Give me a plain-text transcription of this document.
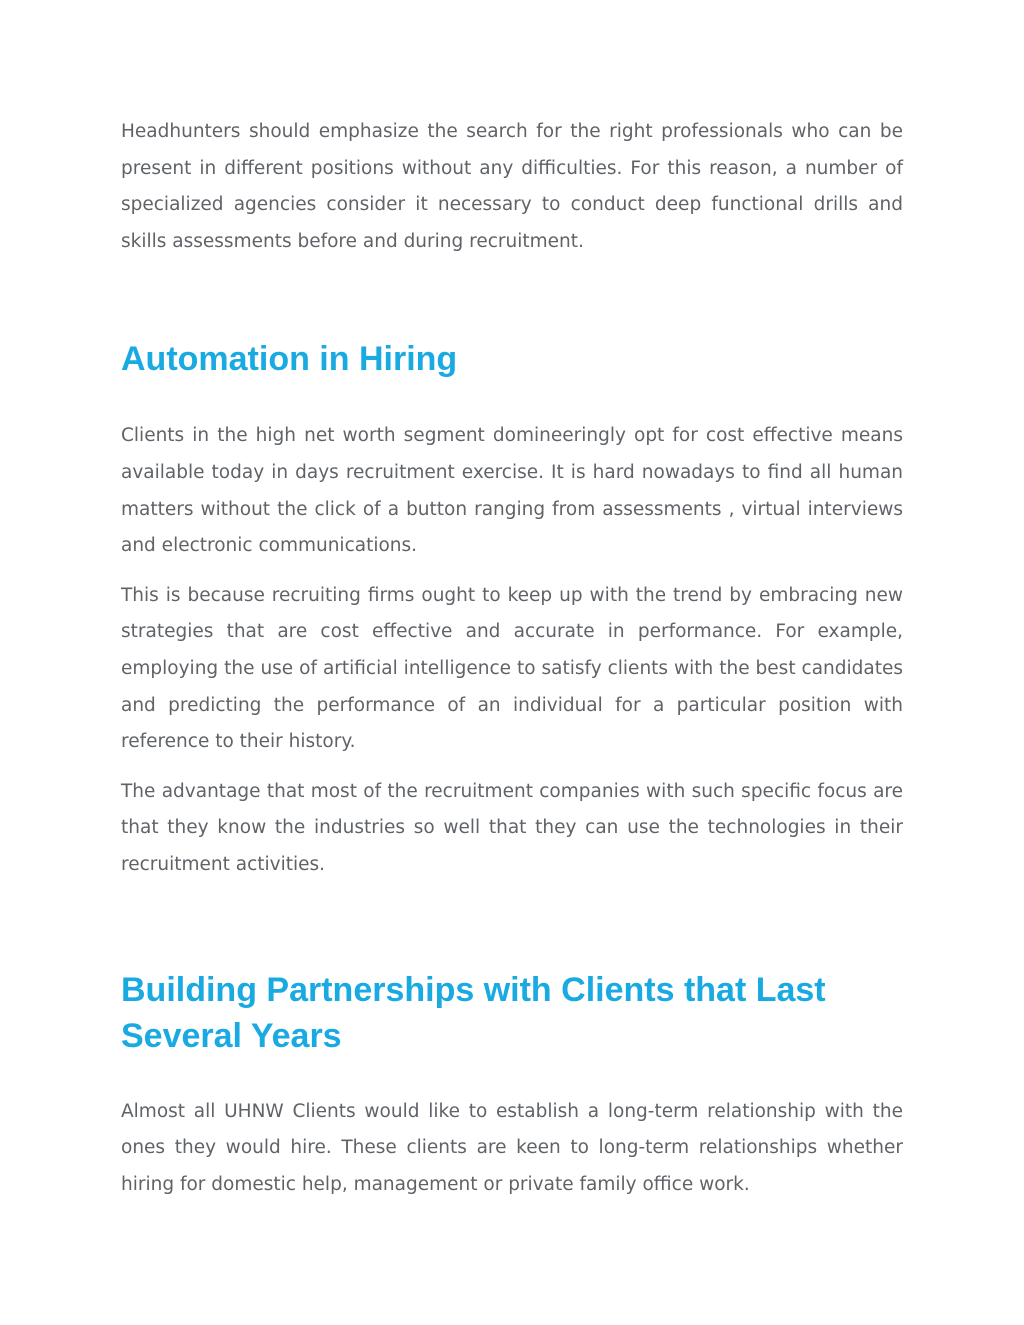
Headhunters should emphasize the search for the right professionals who can be present in different positions without any difficulties. For this reason, a number of specialized agencies consider it necessary to conduct deep functional drills and skills assessments before and during recruitment.

Automation in Hiring

Clients in the high net worth segment domineeringly opt for cost effective means available today in days recruitment exercise. It is hard nowadays to find all human matters without the click of a button ranging from assessments , virtual interviews and electronic communications.

This is because recruiting firms ought to keep up with the trend by embracing new strategies that are cost effective and accurate in performance. For example, employing the use of artificial intelligence to satisfy clients with the best candidates and predicting the performance of an individual for a particular position with reference to their history.

The advantage that most of the recruitment companies with such specific focus are that they know the industries so well that they can use the technologies in their recruitment activities.

Building Partnerships with Clients that Last Several Years

Almost all UHNW Clients would like to establish a long-term relationship with the ones they would hire. These clients are keen to long-term relationships whether hiring for domestic help, management or private family office work.
